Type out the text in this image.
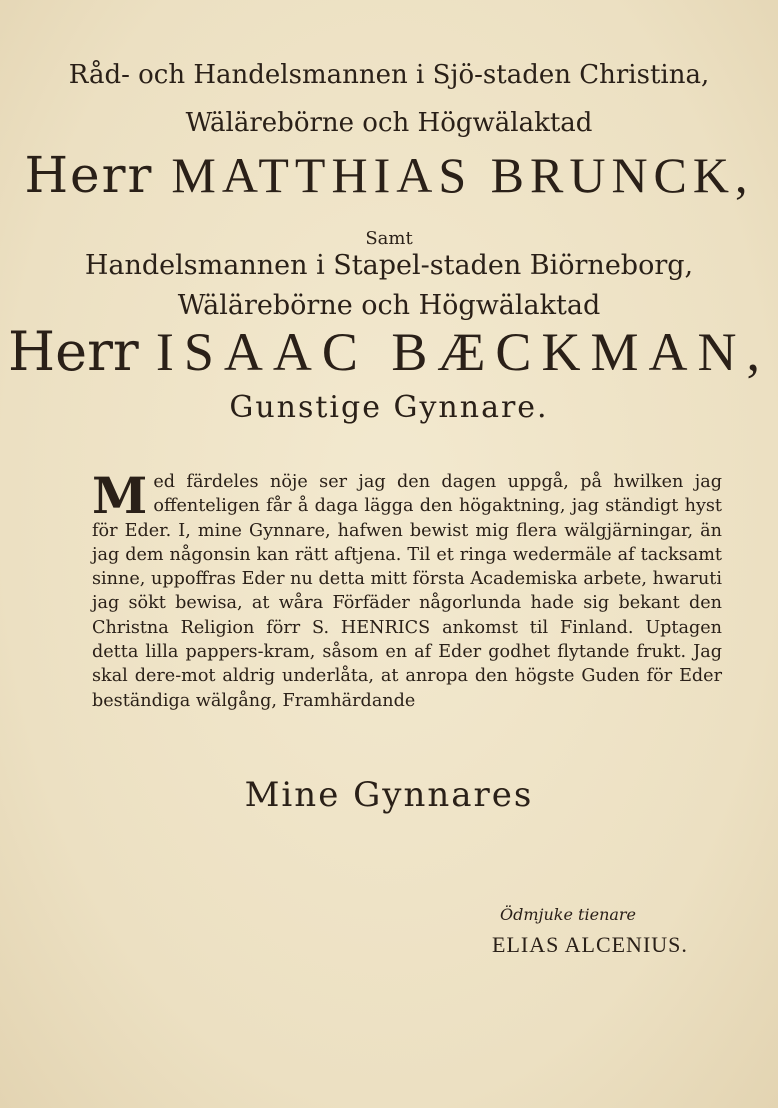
Råd- och Handelsmannen i Sjö-staden Christina,
Wälärebörne och Högwälaktad
Herr MATTHIAS BRUNCK,
Samt
Handelsmannen i Stapel-staden Biörneborg,
Wälärebörne och Högwälaktad
Herr ISAAC BÆCKMAN,
Gunstige Gynnare.
M ed färdeles nöje ser jag den dagen uppgå, på hwilken jag offenteligen får å daga lägga den högaktning, jag ständigt hyst för Eder. I, mine Gynnare, hafwen bewist mig flera wälgjärningar, än jag dem någonsin kan rätt aftjena. Til et ringa wedermäle af tacksamt sinne, uppoffras Eder nu detta mitt första Academiska arbete, hwaruti jag sökt bewisa, at wåra Förfäder någorlunda hade sig bekant den Christna Religion förr S. HENRICS ankomst til Finland. Uptagen detta lilla pappers-kram, såsom en af Eder godhet flytande frukt. Jag skal dere-mot aldrig underlåta, at anropa den högste Guden för Eder beständiga wälgång, Framhärdande
Mine Gynnares
Ödmjuke tienare
ELIAS ALCENIUS.
